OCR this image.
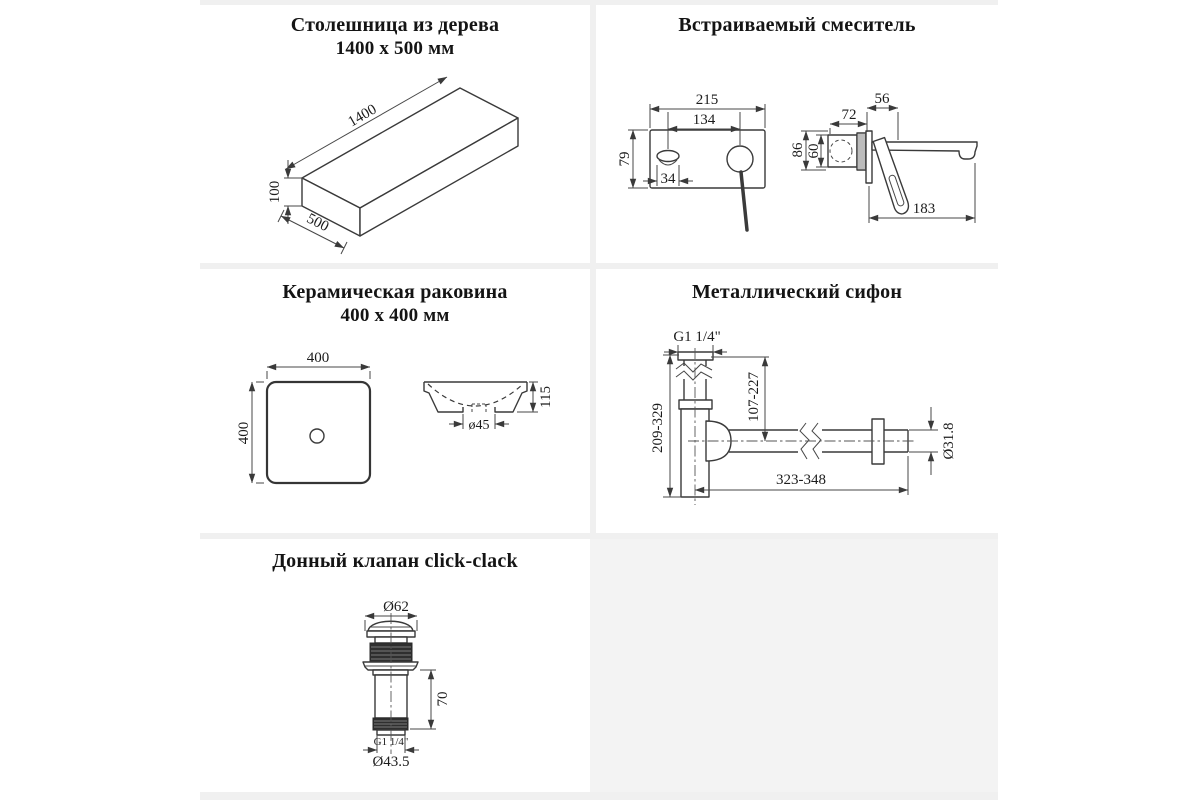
1400
100
500
Столешница из дерева
1400 x 500 мм
215
134
79
34
56
72
86 60
183
Встраиваемый смеситель
400
400
115
ø45
Керамическая раковина
400 x 400 мм
G1 1/4"
209-329
107-227
323-348
Ø31.8
Металлический сифон
Ø62
70
G1 1/4"
Ø43.5
Донный клапан click-clack
